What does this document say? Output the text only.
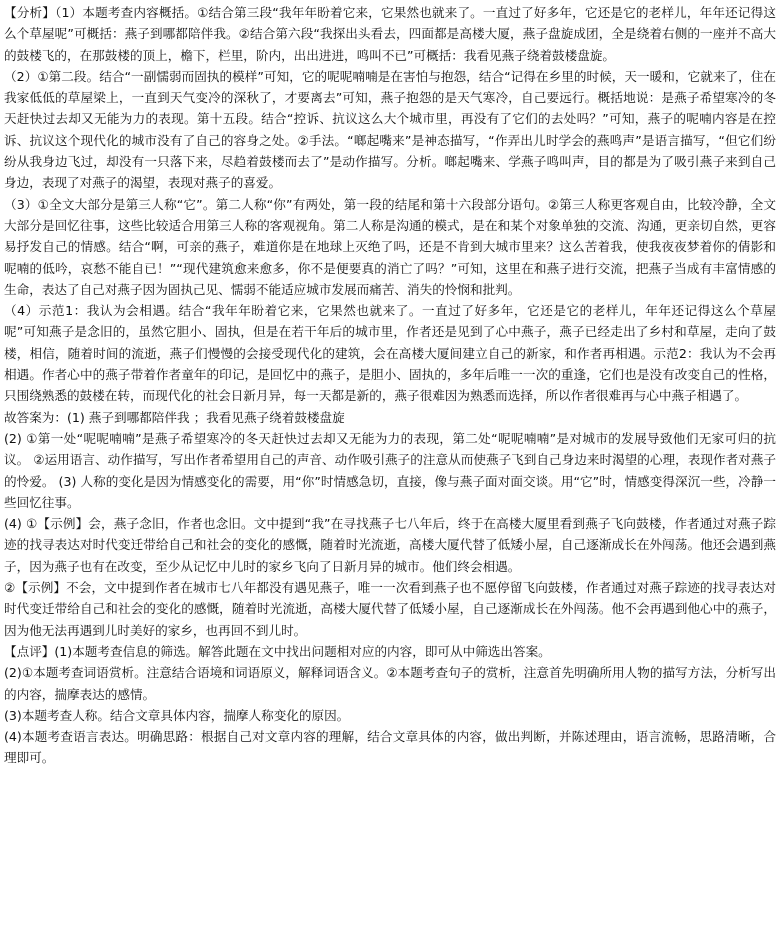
【分析】（1）本题考查内容概括。①结合第三段“我年年盼着它来，它果然也就来了。一直过了好多年，它还是它的老样儿，年年还记得这么个草屋呢”可概括：燕子到哪都陪伴我。②结合第六段“我探出头看去，四面都是高楼大厦，燕子盘旋成团，全是绕着右侧的一座并不高大的鼓楼飞的，在那鼓楼的顶上，檐下，栏里，阶内，出出进进，鸣叫不已”可概括：我看见燕子绕着鼓楼盘旋。

（2）①第二段。结合“一副懦弱而固执的模样”可知，它的呢呢喃喃是在害怕与抱怨，结合“记得在乡里的时候，天一暖和，它就来了，住在我家低低的草屋梁上，一直到天气变冷的深秋了，才要离去”可知，燕子抱怨的是天气寒冷，自己要远行。概括地说：是燕子希望寒冷的冬天赶快过去却又无能为力的表现。第十五段。结合“控诉、抗议这么大个城市里，再没有了它们的去处吗？”可知，燕子的呢喃内容是在控诉、抗议这个现代化的城市没有了自己的容身之处。②手法。“啷起嘴来”是神态描写，“作弄出儿时学会的燕鸣声”是语言描写，“但它们纷纷从我身边飞过，却没有一只落下来，尽趋着鼓楼而去了”是动作描写。分析。啷起嘴来、学燕子鸣叫声，目的都是为了吸引燕子来到自己身边，表现了对燕子的渴望，表现对燕子的喜爱。

（3）①全文大部分是第三人称“它”。第二人称“你”有两处，第一段的结尾和第十六段部分语句。②第三人称更客观自由，比较冷静，全文大部分是回忆往事，这些比较适合用第三人称的客观视角。第二人称是沟通的模式，是在和某个对象单独的交流、沟通，更亲切自然，更容易抒发自己的情感。结合“啊，可亲的燕子，难道你是在地球上灭绝了吗，还是不肯到大城市里来？这么苦着我，使我夜夜梦着你的倩影和呢喃的低吟，哀愁不能自已！”“现代建筑愈来愈多，你不是便要真的消亡了吗？”可知，这里在和燕子进行交流，把燕子当成有丰富情感的生命，表达了自己对燕子因为固执己见、懦弱不能适应城市发展而痛苦、消失的怜悯和批判。

（4）示范1：我认为会相遇。结合“我年年盼着它来，它果然也就来了。一直过了好多年，它还是它的老样儿，年年还记得这么个草屋呢”可知燕子是念旧的，虽然它胆小、固执，但是在若干年后的城市里，作者还是见到了心中燕子，燕子已经走出了乡村和草屋，走向了鼓楼，相信，随着时间的流逝，燕子们慢慢的会接受现代化的建筑，会在高楼大厦间建立自己的新家，和作者再相遇。示范2：我认为不会再相遇。作者心中的燕子带着作者童年的印记，是回忆中的燕子，是胆小、固执的，多年后唯一一次的重逢，它们也是没有改变自己的性格，只围绕熟悉的鼓楼在转，而现代化的社会日新月异，每一天都是新的，燕子很难因为熟悉而选择，所以作者很难再与心中燕子相遇了。

故答案为：(1) 燕子到哪都陪伴我 ；我看见燕子绕着鼓楼盘旋

(2) ①第一处“呢呢喃喃”是燕子希望寒冷的冬天赶快过去却又无能为力的表现，第二处“呢呢喃喃”是对城市的发展导致他们无家可归的抗议。 ②运用语言、动作描写，写出作者希望用自己的声音、动作吸引燕子的注意从而使燕子飞到自己身边来时渴望的心理，表现作者对燕子的怜爱。 (3) 人称的变化是因为情感变化的需要，用“你”时情感急切，直接，像与燕子面对面交谈。用“它”时，情感变得深沉一些，冷静一些回忆往事。

(4) ①【示例】会，燕子念旧，作者也念旧。文中提到“我”在寻找燕子七八年后，终于在高楼大厦里看到燕子飞向鼓楼，作者通过对燕子踪迹的找寻表达对时代变迁带给自己和社会的变化的感慨，随着时光流逝，高楼大厦代替了低矮小屋，自己逐渐成长在外闯荡。他还会遇到燕子，因为燕子也有在改变，至少从记忆中儿时的家乡飞向了日新月异的城市。他们终会相遇。

②【示例】不会，文中提到作者在城市七八年都没有遇见燕子，唯一一次看到燕子也不愿停留飞向鼓楼，作者通过对燕子踪迹的找寻表达对时代变迁带给自己和社会的变化的感慨，随着时光流逝，高楼大厦代替了低矮小屋，自己逐渐成长在外闯荡。他不会再遇到他心中的燕子，因为他无法再遇到儿时美好的家乡，也再回不到儿时。

【点评】(1)本题考查信息的筛选。解答此题在文中找出问题相对应的内容，即可从中筛选出答案。

(2)①本题考查词语赏析。注意结合语境和词语原义，解释词语含义。②本题考查句子的赏析，注意首先明确所用人物的描写方法，分析写出的内容，揣摩表达的感情。

(3)本题考查人称。结合文章具体内容，揣摩人称变化的原因。

(4)本题考查语言表达。明确思路：根据自己对文章内容的理解，结合文章具体的内容，做出判断，并陈述理由，语言流畅，思路清晰，合理即可。
